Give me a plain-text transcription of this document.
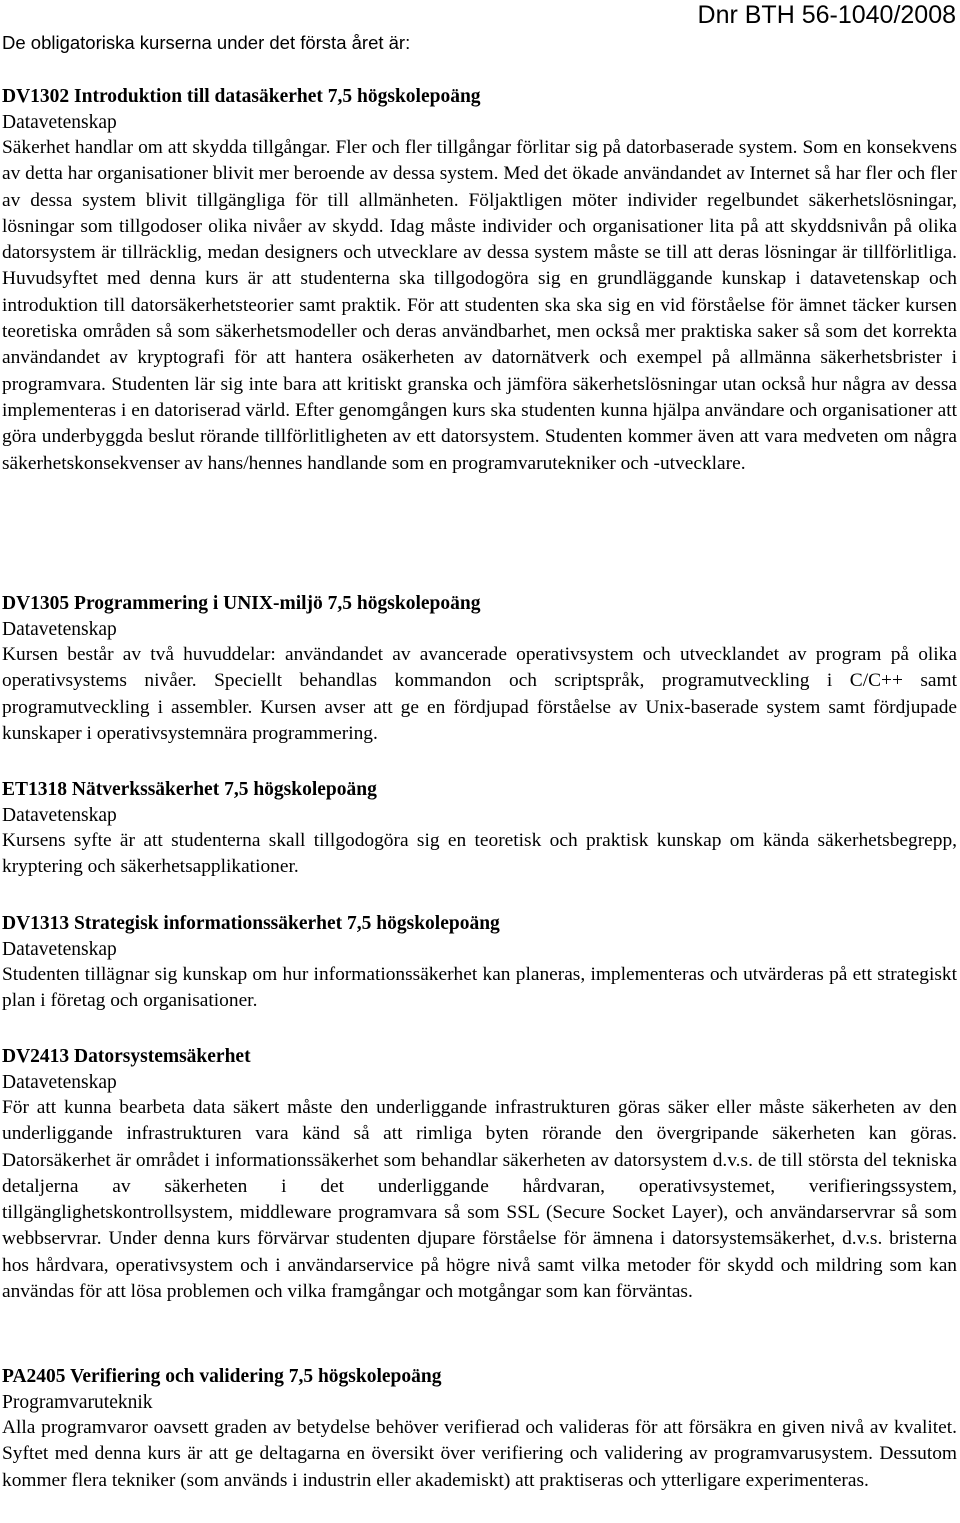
Dnr BTH 56-1040/2008
De obligatoriska kurserna under det första året är:
DV1302 Introduktion till datasäkerhet 7,5 högskolepoäng
Datavetenskap
Säkerhet handlar om att skydda tillgångar. Fler och fler tillgångar förlitar sig på datorbaserade system. Som en konsekvens av detta har organisationer blivit mer beroende av dessa system. Med det ökade användandet av Internet så har fler och fler av dessa system blivit tillgängliga för till allmänheten. Följaktligen möter individer regelbundet säkerhetslösningar, lösningar som tillgodoser olika nivåer av skydd. Idag måste individer och organisationer lita på att skyddsnivån på olika datorsystem är tillräcklig, medan designers och utvecklare av dessa system måste se till att deras lösningar är tillförlitliga. Huvudsyftet med denna kurs är att studenterna ska tillgodogöra sig en grundläggande kunskap i datavetenskap och introduktion till datorsäkerhetsteorier samt praktik. För att studenten ska ska sig en vid förståelse för ämnet täcker kursen teoretiska områden så som säkerhetsmodeller och deras användbarhet, men också mer praktiska saker så som det korrekta användandet av kryptografi för att hantera osäkerheten av datornätverk och exempel på allmänna säkerhetsbrister i programvara. Studenten lär sig inte bara att kritiskt granska och jämföra säkerhetslösningar utan också hur några av dessa implementeras i en datoriserad värld. Efter genomgången kurs ska studenten kunna hjälpa användare och organisationer att göra underbyggda beslut rörande tillförlitligheten av ett datorsystem. Studenten kommer även att vara medveten om några säkerhetskonsekvenser av hans/hennes handlande som en programvarutekniker och -utvecklare.
DV1305 Programmering i UNIX-miljö 7,5 högskolepoäng
Datavetenskap
Kursen består av två huvuddelar: användandet av avancerade operativsystem och utvecklandet av program på olika operativsystems nivåer. Speciellt behandlas kommandon och scriptspråk, programutveckling i C/C++ samt programutveckling i assembler. Kursen avser att ge en fördjupad förståelse av Unix-baserade system samt fördjupade kunskaper i operativsystemnära programmering.
ET1318 Nätverkssäkerhet 7,5 högskolepoäng
Datavetenskap
Kursens syfte är att studenterna skall tillgodogöra sig en teoretisk och praktisk kunskap om kända säkerhetsbegrepp, kryptering och säkerhetsapplikationer.
DV1313 Strategisk informationssäkerhet 7,5 högskolepoäng
Datavetenskap
Studenten tillägnar sig kunskap om hur informationssäkerhet kan planeras, implementeras och utvärderas på ett strategiskt plan i företag och organisationer.
DV2413 Datorsystemsäkerhet
Datavetenskap
För att kunna bearbeta data säkert måste den underliggande infrastrukturen göras säker eller måste säkerheten av den underliggande infrastrukturen vara känd så att rimliga byten rörande den övergripande säkerheten kan göras. Datorsäkerhet är området i informationssäkerhet som behandlar säkerheten av datorsystem d.v.s. de till största del tekniska detaljerna av säkerheten i det underliggande hårdvaran, operativsystemet, verifieringssystem, tillgänglighetskontrollsystem, middleware programvara så som SSL (Secure Socket Layer), och användarservrar så som webbservrar. Under denna kurs förvärvar studenten djupare förståelse för ämnena i datorsystemsäkerhet, d.v.s. bristerna hos hårdvara, operativsystem och i användarservice på högre nivå samt vilka metoder för skydd och mildring som kan användas för att lösa problemen och vilka framgångar och motgångar som kan förväntas.
PA2405 Verifiering och validering 7,5 högskolepoäng
Programvaruteknik
Alla programvaror oavsett graden av betydelse behöver verifierad och valideras för att försäkra en given nivå av kvalitet. Syftet med denna kurs är att ge deltagarna en översikt över verifiering och validering av programvarusystem. Dessutom kommer flera tekniker (som används i industrin eller akademiskt) att praktiseras och ytterligare experimenteras.
